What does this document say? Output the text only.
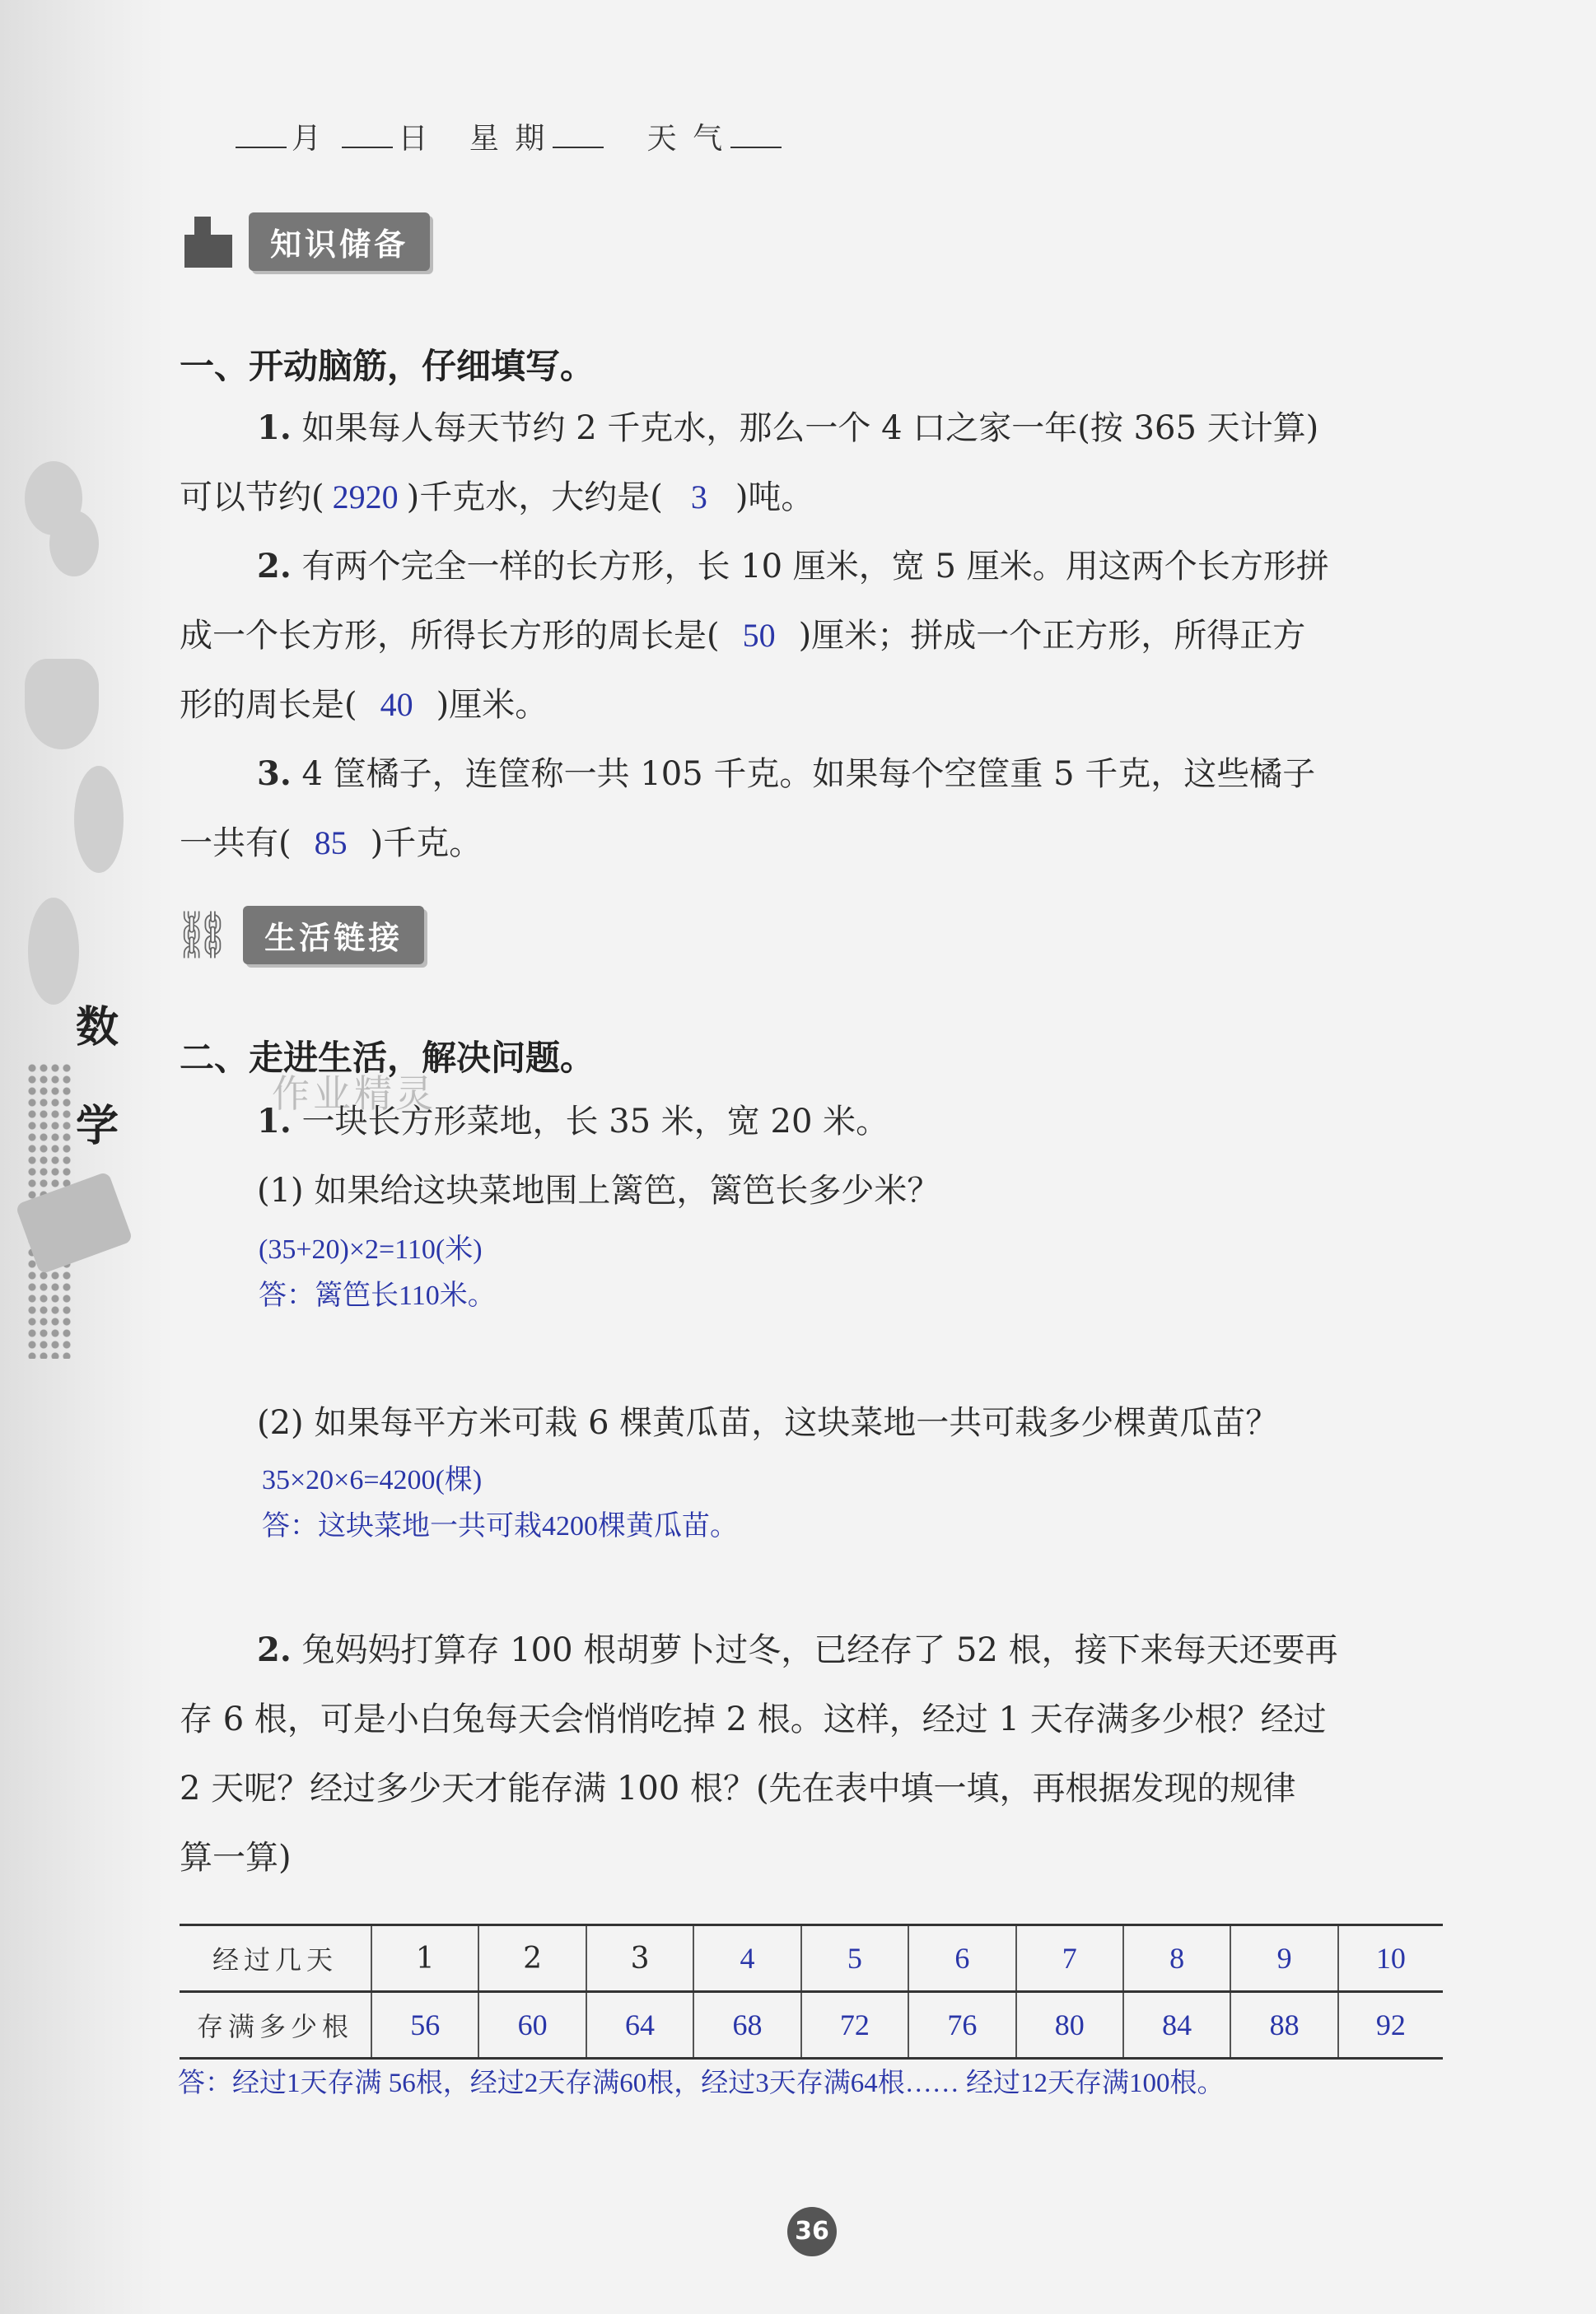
数
学
月 日 星 期	天 气
知识储备
一、开动脑筋，仔细填写。

1. 如果每人每天节约 2 千克水，那么一个 4 口之家一年(按 365 天计算)

可以节约( 2920 )千克水，大约是( 3 )吨。

2. 有两个完全一样的长方形，长 10 厘米，宽 5 厘米。用这两个长方形拼

成一个长方形，所得长方形的周长是( 50 )厘米；拼成一个正方形，所得正方

形的周长是( 40 )厘米。

3. 4 筐橘子，连筐称一共 105 千克。如果每个空筐重 5 千克，这些橘子

一共有( 85 )千克。

⛓	生活链接
二、走进生活，解决问题。
作业精灵

1. 一块长方形菜地，长 35 米，宽 20 米。

(1) 如果给这块菜地围上篱笆，篱笆长多少米？

(35+20)×2=110(米)
答：篱笆长110米。

(2) 如果每平方米可栽 6 棵黄瓜苗，这块菜地一共可栽多少棵黄瓜苗？

35×20×6=4200(棵)
答：这块菜地一共可栽4200棵黄瓜苗。

2. 兔妈妈打算存 100 根胡萝卜过冬，已经存了 52 根，接下来每天还要再

存 6 根，可是小白兔每天会悄悄吃掉 2 根。这样，经过 1 天存满多少根？经过

2 天呢？经过多少天才能存满 100 根？(先在表中填一填，再根据发现的规律

算一算)

经过几天	1	2	3	4	5	6	7	8	9	10
存满多少根	56	60	64	68	72	76	80	84	88	92
答：经过1天存满 56根，经过2天存满60根，经过3天存满64根…… 经过12天存满100根。
36
